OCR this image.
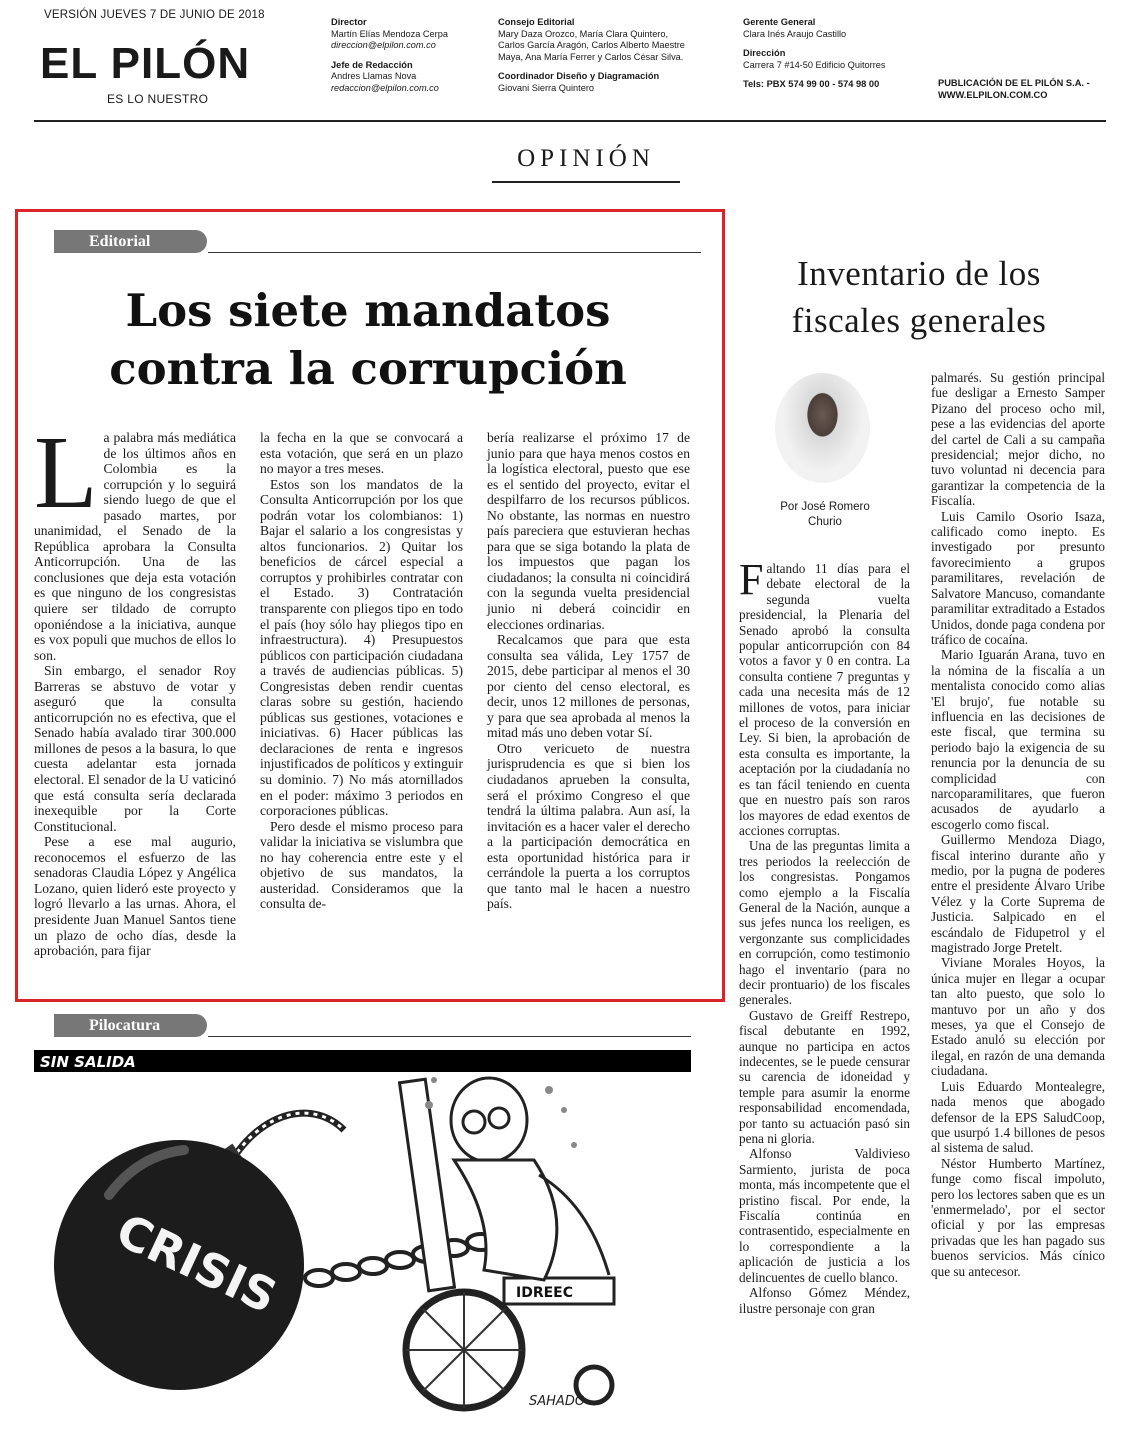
VERSIÓN JUEVES 7 DE JUNIO DE 2018
EL PILÓN
ES LO NUESTRO
Director
Martín Elías Mendoza Cerpa
direccion@elpilon.com.co
Jefe de Redacción
Andres Llamas Nova
redaccion@elpilon.com.co
Consejo Editorial
Mary Daza Orozco, María Clara Quintero,
Carlos García Aragón, Carlos Alberto Maestre
Maya, Ana María Ferrer y Carlos César Silva.
Coordinador Diseño y Diagramación
Giovani Sierra Quintero
Gerente General
Clara Inés Araujo Castillo
Dirección
Carrera 7 #14-50 Edificio Quitorres
Tels: PBX 574 99 00 - 574 98 00	PUBLICACIÓN DE EL PILÓN S.A. -
WWW.ELPILON.COM.CO
OPINIÓN
Editorial
Los siete mandatos
contra la corrupción

La palabra más mediática de los últimos años en Colombia es la corrupción y lo seguirá siendo luego de que el pasado martes, por unanimidad, el Senado de la República aprobara la Consulta Anticorrupción. Una de las conclusiones que deja esta votación es que ninguno de los congresistas quiere ser tildado de corrupto oponiéndose a la iniciativa, aunque es vox populi que muchos de ellos lo son.

Sin embargo, el senador Roy Barreras se abstuvo de votar y aseguró que la consulta anticorrupción no es efectiva, que el Senado había avalado tirar 300.000 millones de pesos a la basura, lo que cuesta adelantar esta jornada electoral. El senador de la U vaticinó que está consulta sería declarada inexequible por la Corte Constitucional.

Pese a ese mal augurio, reconocemos el esfuerzo de las senadoras Claudia López y Angélica Lozano, quien lideró este proyecto y logró llevarlo a las urnas. Ahora, el presidente Juan Manuel Santos tiene un plazo de ocho días, desde la aprobación, para fijar

la fecha en la que se convocará a esta votación, que será en un plazo no mayor a tres meses.

Estos son los mandatos de la Consulta Anticorrupción por los que podrán votar los colombianos: 1) Bajar el salario a los congresistas y altos funcionarios. 2) Quitar los beneficios de cárcel especial a corruptos y prohibirles contratar con el Estado. 3) Contratación transparente con pliegos tipo en todo el país (hoy sólo hay pliegos tipo en infraestructura). 4) Presupuestos públicos con participación ciudadana a través de audiencias públicas. 5) Congresistas deben rendir cuentas claras sobre su gestión, haciendo públicas sus gestiones, votaciones e iniciativas. 6) Hacer públicas las declaraciones de renta e ingresos injustificados de políticos y extinguir su dominio. 7) No más atornillados en el poder: máximo 3 periodos en corporaciones públicas.

Pero desde el mismo proceso para validar la iniciativa se vislumbra que no hay coherencia entre este y el objetivo de sus mandatos, la austeridad. Consideramos que la consulta de-

bería realizarse el próximo 17 de junio para que haya menos costos en la logística electoral, puesto que ese es el sentido del proyecto, evitar el despilfarro de los recursos públicos. No obstante, las normas en nuestro país pareciera que estuvieran hechas para que se siga botando la plata de los impuestos que pagan los ciudadanos; la consulta ni coincidirá con la segunda vuelta presidencial junio ni deberá coincidir en elecciones ordinarias.

Recalcamos que para que esta consulta sea válida, Ley 1757 de 2015, debe participar al menos el 30 por ciento del censo electoral, es decir, unos 12 millones de personas, y para que sea aprobada al menos la mitad más uno deben votar Sí.

Otro vericueto de nuestra jurisprudencia es que si bien los ciudadanos aprueben la consulta, será el próximo Congreso el que tendrá la última palabra. Aun así, la invitación es a hacer valer el derecho a la participación democrática en esta oportunidad histórica para ir cerrándole la puerta a los corruptos que tanto mal le hacen a nuestro país.

Pilocatura
SIN SALIDA
CRISIS	IDREEC
SAHADO
Inventario de los
fiscales generales
Por José Romero
Churio

Faltando 11 días para el debate electoral de la segunda vuelta presidencial, la Plenaria del Senado aprobó la consulta popular anticorrupción con 84 votos a favor y 0 en contra. La consulta contiene 7 preguntas y cada una necesita más de 12 millones de votos, para iniciar el proceso de la conversión en Ley. Si bien, la aprobación de esta consulta es importante, la aceptación por la ciudadanía no es tan fácil teniendo en cuenta que en nuestro país son raros los mayores de edad exentos de acciones corruptas.

Una de las preguntas limita a tres periodos la reelección de los congresistas. Pongamos como ejemplo a la Fiscalía General de la Nación, aunque a sus jefes nunca los reeligen, es vergonzante sus complicidades en corrupción, como testimonio hago el inventario (para no decir prontuario) de los fiscales generales.

Gustavo de Greiff Restrepo, fiscal debutante en 1992, aunque no participa en actos indecentes, se le puede censurar su carencia de idoneidad y temple para asumir la enorme responsabilidad encomendada, por tanto su actuación pasó sin pena ni gloria.

Alfonso Valdivieso Sarmiento, jurista de poca monta, más incompetente que el pristino fiscal. Por ende, la Fiscalía continúa en contrasentido, especialmente en lo correspondiente a la aplicación de justicia a los delincuentes de cuello blanco.

Alfonso Gómez Méndez, ilustre personaje con gran

palmarés. Su gestión principal fue desligar a Ernesto Samper Pizano del proceso ocho mil, pese a las evidencias del aporte del cartel de Cali a su campaña presidencial; mejor dicho, no tuvo voluntad ni decencia para garantizar la competencia de la Fiscalía.

Luis Camilo Osorio Isaza, calificado como inepto. Es investigado por presunto favorecimiento a grupos paramilitares, revelación de Salvatore Mancuso, comandante paramilitar extraditado a Estados Unidos, donde paga condena por tráfico de cocaína.

Mario Iguarán Arana, tuvo en la nómina de la fiscalía a un mentalista conocido como alias 'El brujo', fue notable su influencia en las decisiones de este fiscal, que termina su periodo bajo la exigencia de su renuncia por la denuncia de su complicidad con narcoparamilitares, que fueron acusados de ayudarlo a escogerlo como fiscal.

Guillermo Mendoza Diago, fiscal interino durante año y medio, por la pugna de poderes entre el presidente Álvaro Uribe Vélez y la Corte Suprema de Justicia. Salpicado en el escándalo de Fidupetrol y el magistrado Jorge Pretelt.

Viviane Morales Hoyos, la única mujer en llegar a ocupar tan alto puesto, que solo lo mantuvo por un año y dos meses, ya que el Consejo de Estado anuló su elección por ilegal, en razón de una demanda ciudadana.

Luis Eduardo Montealegre, nada menos que abogado defensor de la EPS SaludCoop, que usurpó 1.4 billones de pesos al sistema de salud.

Néstor Humberto Martínez, funge como fiscal impoluto, pero los lectores saben que es un 'enmermelado', por el sector oficial y por las empresas privadas que les han pagado sus buenos servicios. Más cínico que su antecesor.
